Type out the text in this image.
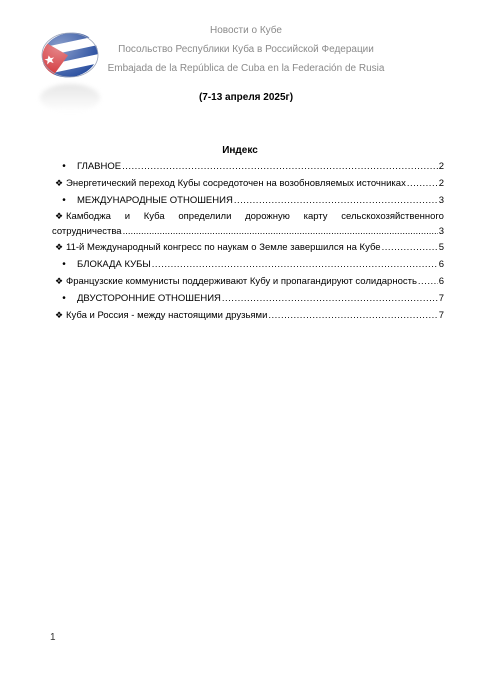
Новости о Кубе
Посольство Республики Куба в Российской Федерации
Embajada de la República de Cuba en la Federación de Rusia
(7-13 апреля 2025г)
Индекс
•	ГЛАВНОЕ .....	2
❖ Энергетический переход Кубы сосредоточен на возобновляемых источниках .....	2
•	МЕЖДУНАРОДНЫЕ ОТНОШЕНИЯ .....	3
❖ Камбоджа и Куба определили дорожную карту сельскохозяйственного
сотрудничества .....	3
❖ 11-й Международный конгресс по наукам о Земле завершился на Кубе .....	5
•	БЛОКАДА КУБЫ .....	6
❖ Французские коммунисты поддерживают Кубу и пропагандируют солидарность ..... 6
•	ДВУСТОРОННИЕ ОТНОШЕНИЯ .....	7
❖ Куба и Россия - между настоящими друзьями .....	7
1
